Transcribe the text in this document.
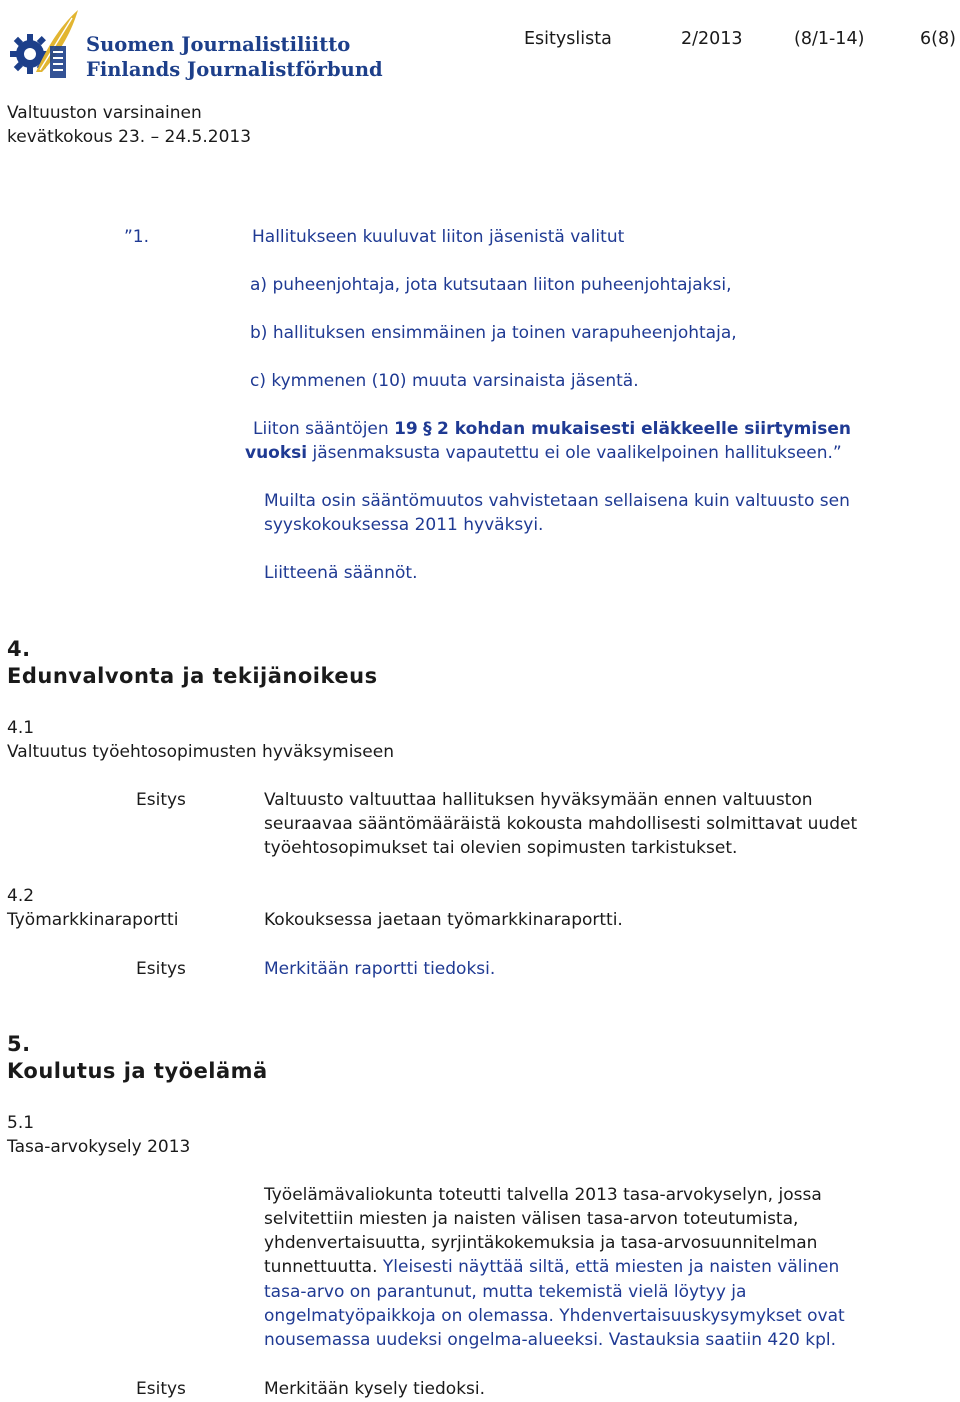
Suomen Journalistiliitto
Finlands Journalistförbund
Esityslista	2/2013	(8/1-14)	6(8)
Valtuuston varsinainen
kevätkokous 23. – 24.5.2013
”1.	Hallitukseen kuuluvat liiton jäsenistä valitut
a) puheenjohtaja, jota kutsutaan liiton puheenjohtajaksi,
b) hallituksen ensimmäinen ja toinen varapuheenjohtaja,
c) kymmenen (10) muuta varsinaista jäsentä.
Liiton sääntöjen 19 § 2 kohdan mukaisesti eläkkeelle siirtymisen
vuoksi jäsenmaksusta vapautettu ei ole vaalikelpoinen hallitukseen.”
Muilta osin sääntömuutos vahvistetaan sellaisena kuin valtuusto sen
syyskokouksessa 2011 hyväksyi.
Liitteenä säännöt.
4.
Edunvalvonta ja tekijänoikeus
4.1
Valtuutus työehtosopimusten hyväksymiseen
Esitys	Valtuusto valtuuttaa hallituksen hyväksymään ennen valtuuston
seuraavaa sääntömääräistä kokousta mahdollisesti solmittavat uudet
työehtosopimukset tai olevien sopimusten tarkistukset.
4.2
Työmarkkinaraportti	Kokouksessa jaetaan työmarkkinaraportti.
Esitys	Merkitään raportti tiedoksi.
5.
Koulutus ja työelämä
5.1
Tasa-arvokysely 2013
Työelämävaliokunta toteutti talvella 2013 tasa-arvokyselyn, jossa
selvitettiin miesten ja naisten välisen tasa-arvon toteutumista,
yhdenvertaisuutta, syrjintäkokemuksia ja tasa-arvosuunnitelman
tunnettuutta. Yleisesti näyttää siltä, että miesten ja naisten välinen
tasa-arvo on parantunut, mutta tekemistä vielä löytyy ja
ongelmatyöpaikkoja on olemassa. Yhdenvertaisuuskysymykset ovat
nousemassa uudeksi ongelma-alueeksi. Vastauksia saatiin 420 kpl.
Esitys	Merkitään kysely tiedoksi.
